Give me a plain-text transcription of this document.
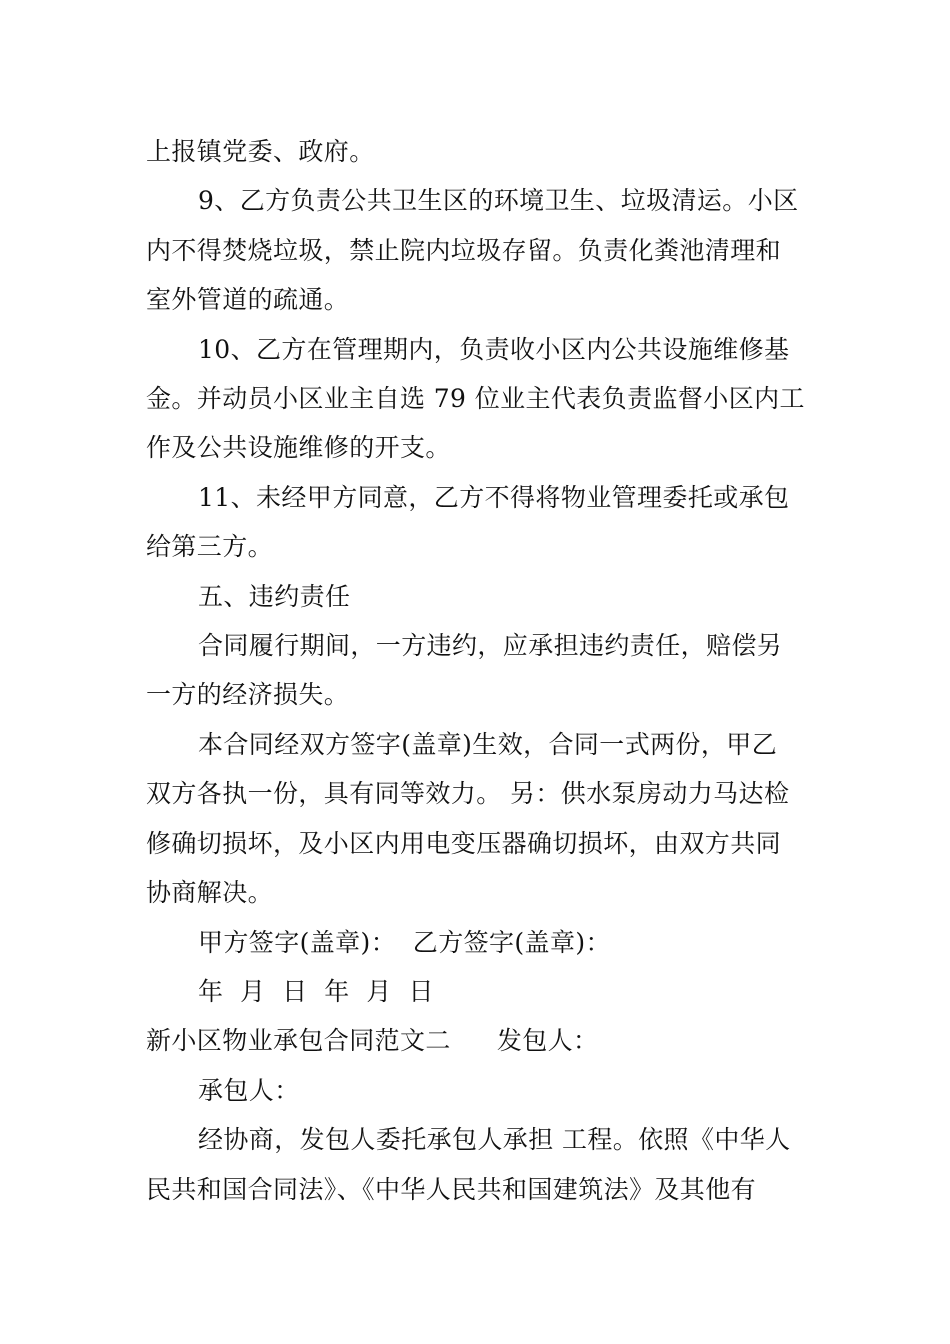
上报镇党委、政府。

9、乙方负责公共卫生区的环境卫生、垃圾清运。小区
内不得焚烧垃圾，禁止院内垃圾存留。负责化粪池清理和
室外管道的疏通。

10、乙方在管理期内，负责收小区内公共设施维修基
金。并动员小区业主自选 79 位业主代表负责监督小区内工
作及公共设施维修的开支。

11、未经甲方同意，乙方不得将物业管理委托或承包
给第三方。

五、违约责任

合同履行期间，一方违约，应承担违约责任，赔偿另
一方的经济损失。

本合同经双方签字(盖章)生效，合同一式两份，甲乙
双方各执一份，具有同等效力。 另：供水泵房动力马达检
修确切损坏，及小区内用电变压器确切损坏，由双方共同
协商解决。

甲方签字(盖章)：  乙方签字(盖章)：

年  月  日  年  月  日

新小区物业承包合同范文二 发包人：

承包人：

经协商，发包人委托承包人承担 工程。依照《中华人
民共和国合同法》、《中华人民共和国建筑法》及其他有
